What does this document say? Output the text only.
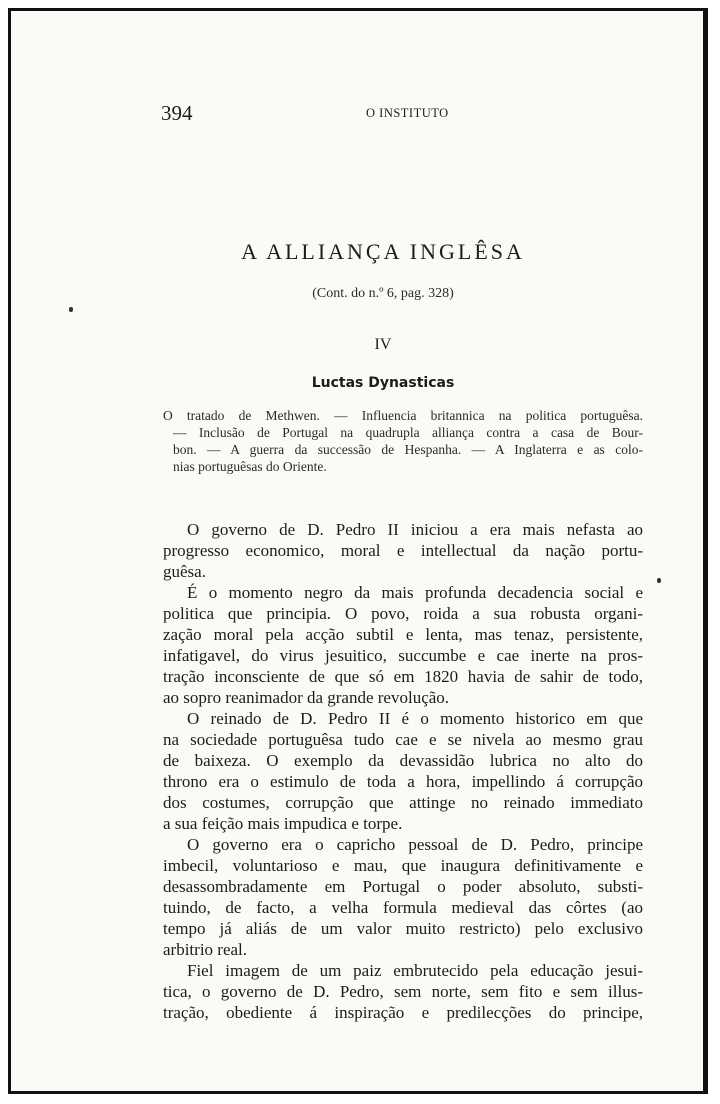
394	O INSTITUTO
A ALLIANÇA INGLÊSA
(Cont. do n.º 6, pag. 328)
IV
Luctas Dynasticas
O tratado de Methwen. — Influencia britannica na politica portuguêsa.
— Inclusão de Portugal na quadrupla alliança contra a casa de Bour-
bon. — A guerra da successão de Hespanha. — A Inglaterra e as colo-
nias portuguêsas do Oriente.
O governo de D. Pedro II iniciou a era mais nefasta ao
progresso economico, moral e intellectual da nação portu-
guêsa.
É o momento negro da mais profunda decadencia social e
politica que principia. O povo, roida a sua robusta organi-
zação moral pela acção subtil e lenta, mas tenaz, persistente,
infatigavel, do virus jesuitico, succumbe e cae inerte na pros-
tração inconsciente de que só em 1820 havia de sahir de todo,
ao sopro reanimador da grande revolução.
O reinado de D. Pedro II é o momento historico em que
na sociedade portuguêsa tudo cae e se nivela ao mesmo grau
de baixeza. O exemplo da devassidão lubrica no alto do
throno era o estimulo de toda a hora, impellindo á corrupção
dos costumes, corrupção que attinge no reinado immediato
a sua feição mais impudica e torpe.
O governo era o capricho pessoal de D. Pedro, principe
imbecil, voluntarioso e mau, que inaugura definitivamente e
desassombradamente em Portugal o poder absoluto, substi-
tuindo, de facto, a velha formula medieval das côrtes (ao
tempo já aliás de um valor muito restricto) pelo exclusivo
arbitrio real.
Fiel imagem de um paiz embrutecido pela educação jesui-
tica, o governo de D. Pedro, sem norte, sem fito e sem illus-
tração, obediente á inspiração e predilecções do principe,
